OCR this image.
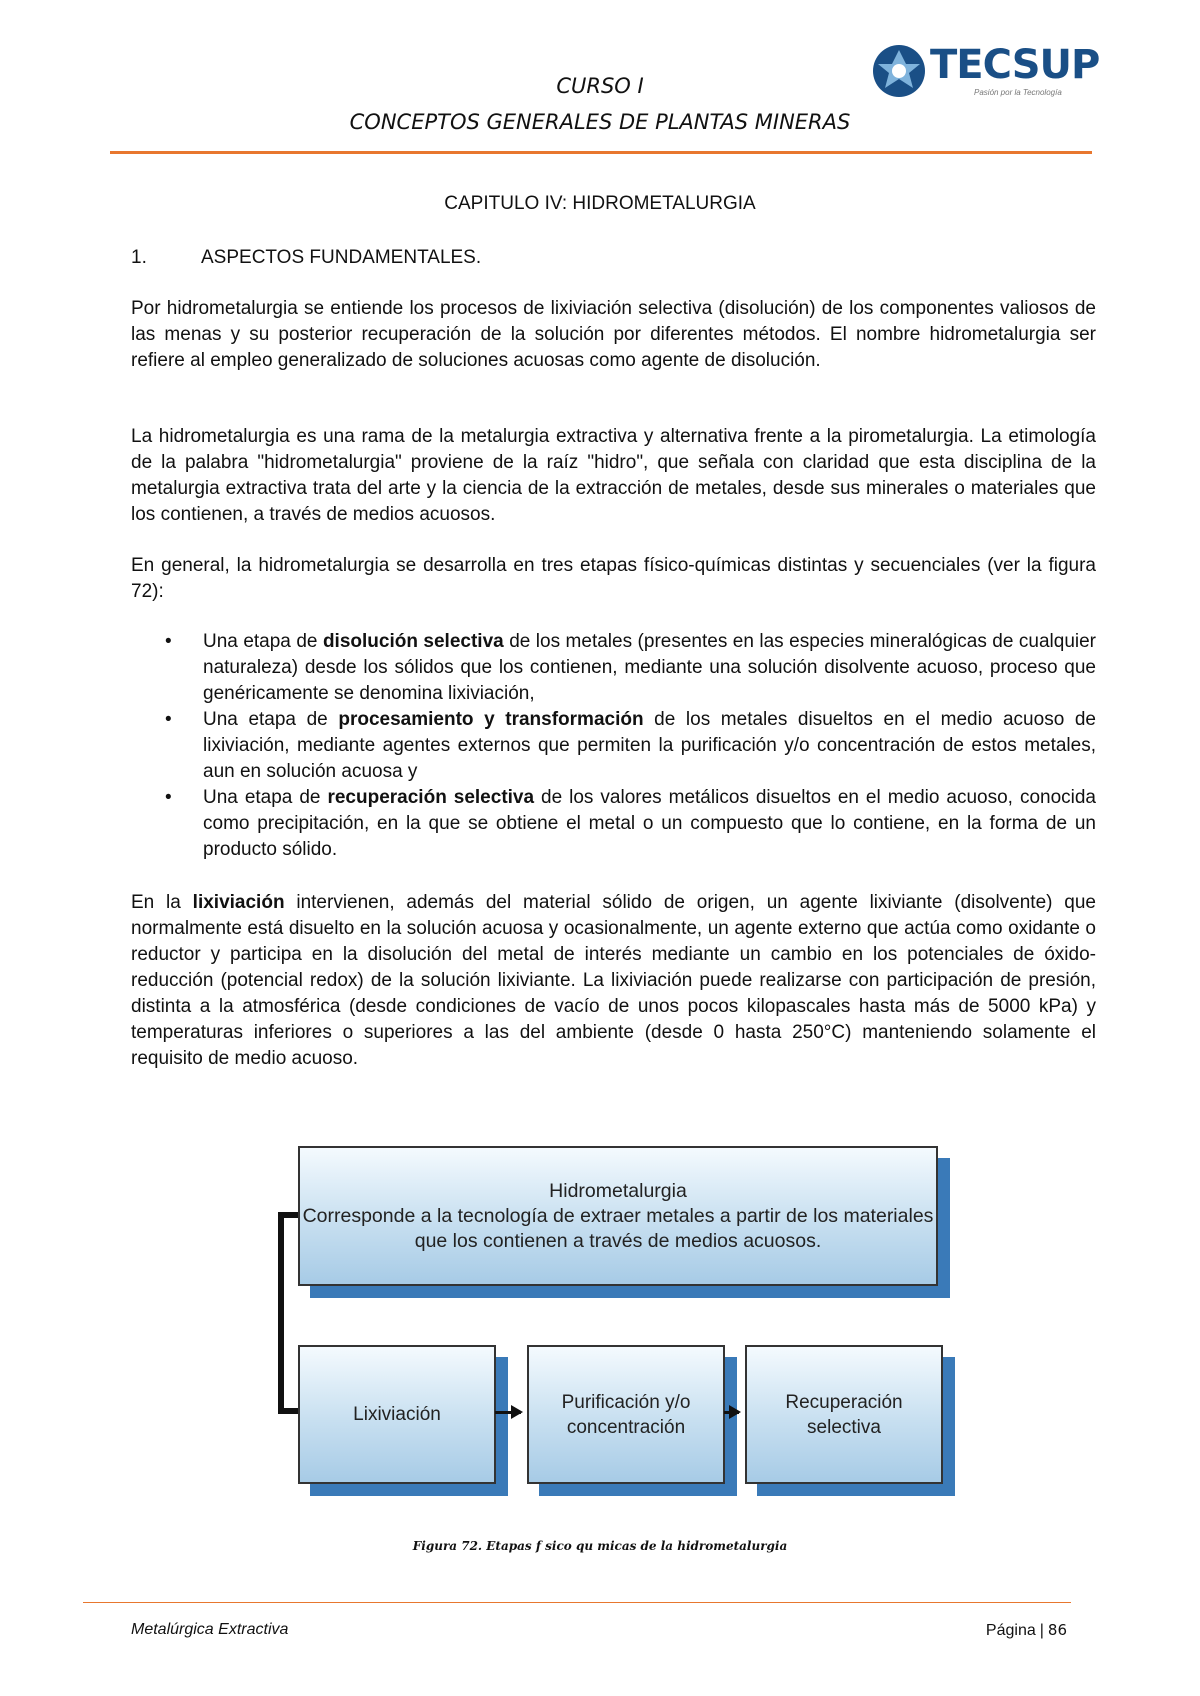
TECSUP
Pasión por la Tecnología
CURSO I
CONCEPTOS GENERALES DE PLANTAS MINERAS
CAPITULO IV: HIDROMETALURGIA
1.	ASPECTOS FUNDAMENTALES.

Por hidrometalurgia se entiende los procesos de lixiviación selectiva (disolución) de los componentes valiosos de las menas y su posterior recuperación de la solución por diferentes métodos. El nombre hidrometalurgia ser refiere al empleo generalizado de soluciones acuosas como agente de disolución.

La hidrometalurgia es una rama de la metalurgia extractiva y alternativa frente a la pirometalurgia. La etimología de la palabra "hidrometalurgia" proviene de la raíz "hidro", que señala con claridad que esta disciplina de la metalurgia extractiva trata del arte y la ciencia de la extracción de metales, desde sus minerales o materiales que los contienen, a través de medios acuosos.

En general, la hidrometalurgia se desarrolla en tres etapas físico-químicas distintas y secuenciales (ver la figura 72):

• Una etapa de disolución selectiva de los metales (presentes en las especies mineralógicas de cualquier naturaleza) desde los sólidos que los contienen, mediante una solución disolvente acuoso, proceso que genéricamente se denomina lixiviación,
• Una etapa de procesamiento y transformación de los metales disueltos en el medio acuoso de lixiviación, mediante agentes externos que permiten la purificación y/o concentración de estos metales, aun en solución acuosa y
• Una etapa de recuperación selectiva de los valores metálicos disueltos en el medio acuoso, conocida como precipitación, en la que se obtiene el metal o un compuesto que lo contiene, en la forma de un producto sólido.

En la lixiviación intervienen, además del material sólido de origen, un agente lixiviante (disolvente) que normalmente está disuelto en la solución acuosa y ocasionalmente, un agente externo que actúa como oxidante o reductor y participa en la disolución del metal de interés mediante un cambio en los potenciales de óxido-reducción (potencial redox) de la solución lixiviante. La lixiviación puede realizarse con participación de presión, distinta a la atmosférica (desde condiciones de vacío de unos pocos kilopascales hasta más de 5000 kPa) y temperaturas inferiores o superiores a las del ambiente (desde 0 hasta 250°C) manteniendo solamente el requisito de medio acuoso.

Hidrometalurgia
Corresponde a la tecnología de extraer metales a partir de los materiales
que los contienen a través de medios acuosos.
Lixiviación
Purificación y/o
concentración
Recuperación
selectiva
Figura 72. Etapas f sico qu micas de la hidrometalurgia
Metalúrgica Extractiva	Página | 86
